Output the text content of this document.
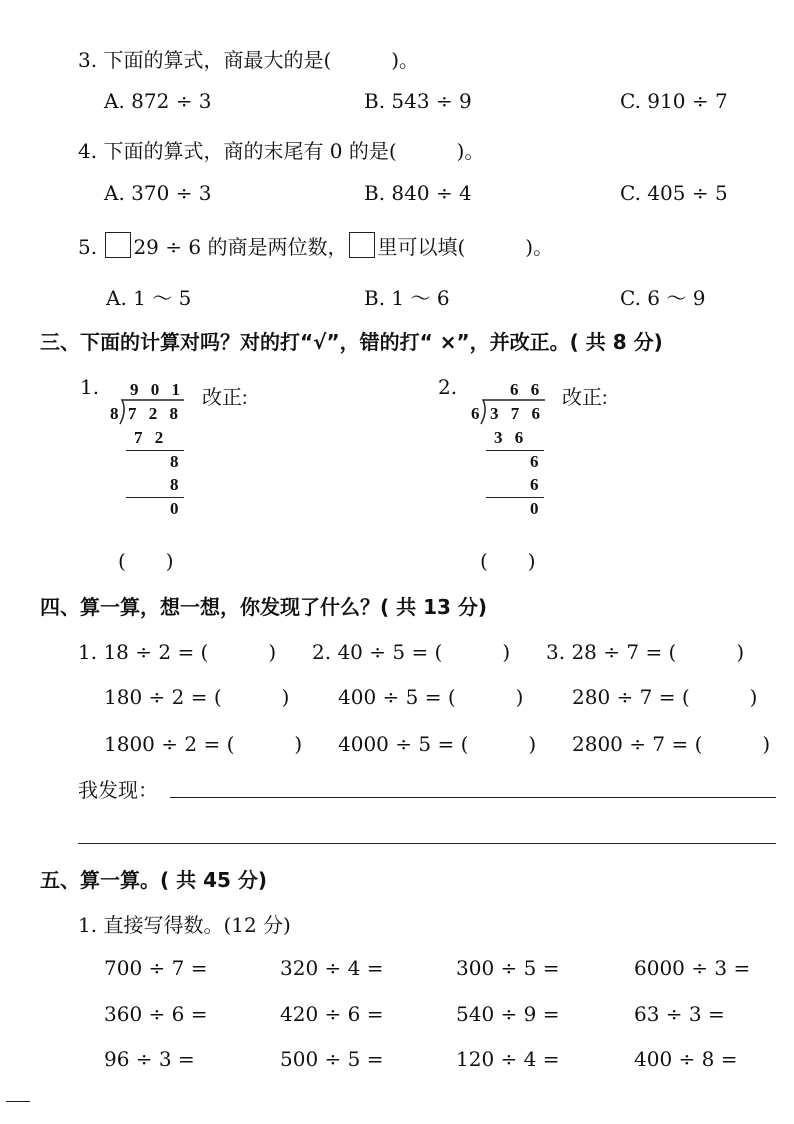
3. 下面的算式，商最大的是(　　　)。
A. 872 ÷ 3	B. 543 ÷ 9	C. 910 ÷ 7
4. 下面的算式，商的末尾有 0 的是(　　　)。
A. 370 ÷ 3	B. 840 ÷ 4	C. 405 ÷ 5
5. 29 ÷ 6 的商是两位数， 里可以填(　　　)。
A. 1 ～ 5	B. 1 ～ 6	C. 6 ～ 9
三、下面的计算对吗？对的打“√”，错的打“ ×”，并改正。( 共 8 分)
1.	改正:
9 0 1
8 7 2 8
7 2
8
8
0
(　　)
2.	改正:
6 6
6 3 7 6
3 6
6
6
0
(　　)
四、算一算，想一想，你发现了什么？( 共 13 分)
1. 18 ÷ 2 = (　　　) 2. 40 ÷ 5 = (　　　) 3. 28 ÷ 7 = (　　　)
180 ÷ 2 = (　　　) 400 ÷ 5 = (　　　) 280 ÷ 7 = (　　　)
1800 ÷ 2 = (　　　) 4000 ÷ 5 = (　　　) 2800 ÷ 7 = (　　　)
我发现：
五、算一算。( 共 45 分)
1. 直接写得数。(12 分)
700 ÷ 7 =	320 ÷ 4 =	300 ÷ 5 =	6000 ÷ 3 =
360 ÷ 6 =	420 ÷ 6 =	540 ÷ 9 =	63 ÷ 3 =
96 ÷ 3 =	500 ÷ 5 =	120 ÷ 4 =	400 ÷ 8 =
